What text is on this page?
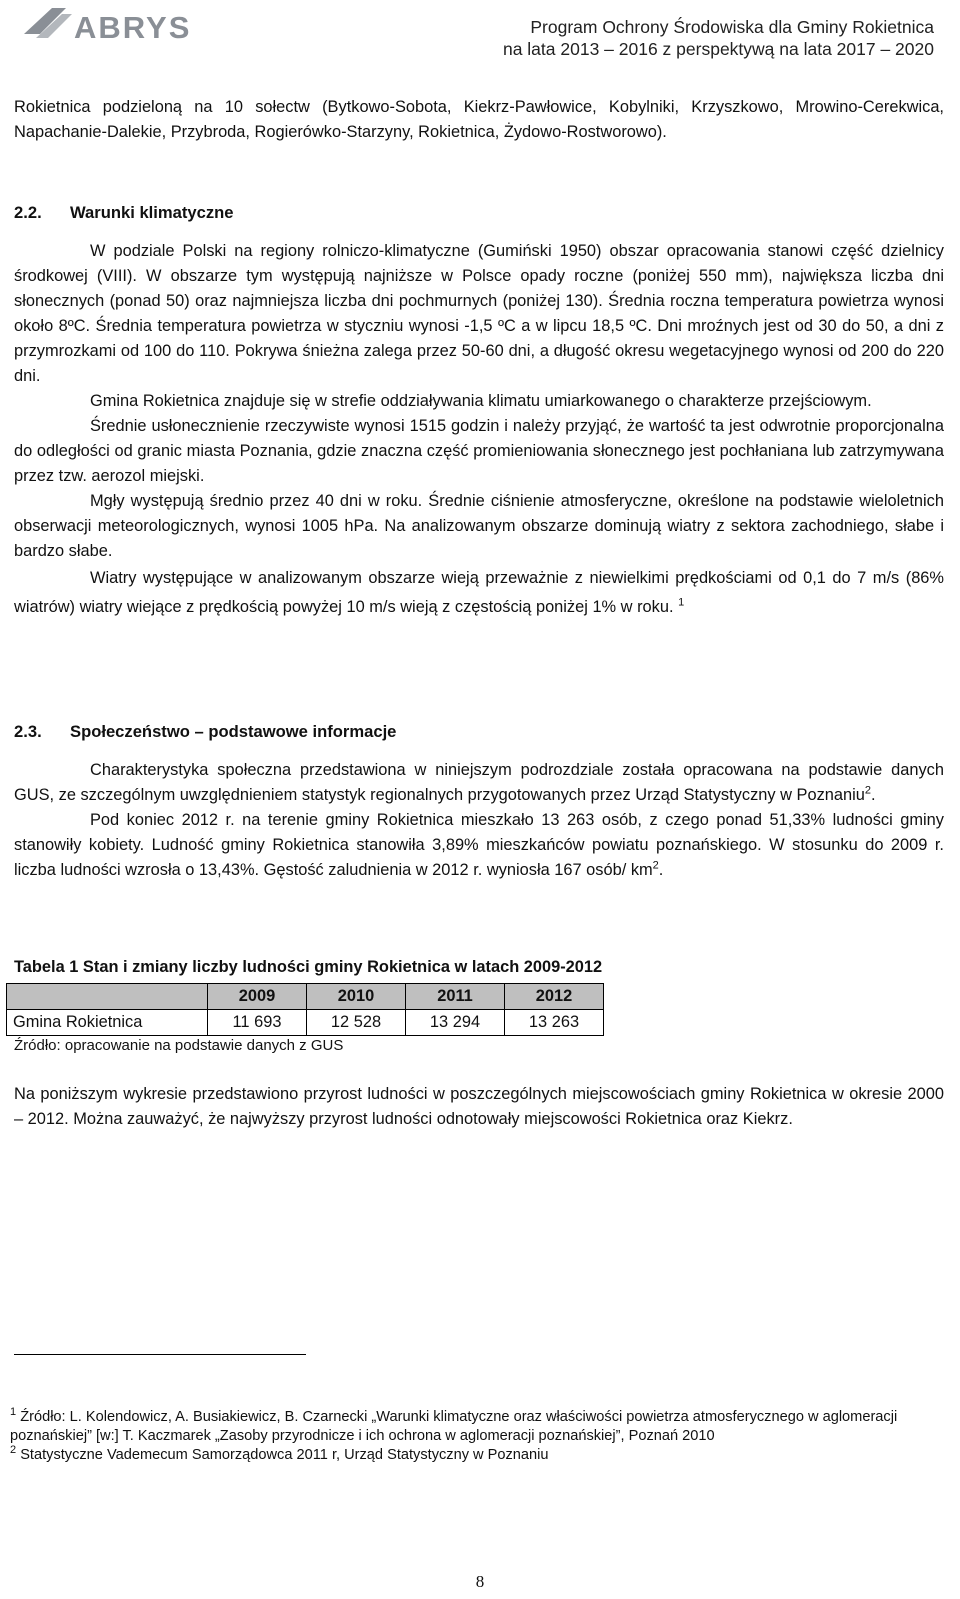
ABRYS	Program Ochrony Środowiska dla Gminy Rokietnica
na lata 2013 – 2016 z perspektywą na lata 2017 – 2020

Rokietnica podzieloną na 10 sołectw (Bytkowo-Sobota, Kiekrz-Pawłowice, Kobylniki, Krzyszkowo, Mrowino-Cerekwica, Napachanie-Dalekie, Przybroda, Rogierówko-Starzyny, Rokietnica, Żydowo-Rostworowo).

2.2. Warunki klimatyczne

W podziale Polski na regiony rolniczo-klimatyczne (Gumiński 1950) obszar opracowania stanowi część dzielnicy środkowej (VIII). W obszarze tym występują najniższe w Polsce opady roczne (poniżej 550 mm), największa liczba dni słonecznych (ponad 50) oraz najmniejsza liczba dni pochmurnych (poniżej 130). Średnia roczna temperatura powietrza wynosi około 8ºC. Średnia temperatura powietrza w styczniu wynosi -1,5 ºC a w lipcu 18,5 ºC. Dni mroźnych jest od 30 do 50, a dni z przymrozkami od 100 do 110. Pokrywa śnieżna zalega przez 50-60 dni, a długość okresu wegetacyjnego wynosi od 200 do 220 dni.

Gmina Rokietnica znajduje się w strefie oddziaływania klimatu umiarkowanego o charakterze przejściowym.

Średnie usłonecznienie rzeczywiste wynosi 1515 godzin i należy przyjąć, że wartość ta jest odwrotnie proporcjonalna do odległości od granic miasta Poznania, gdzie znaczna część promieniowania słonecznego jest pochłaniana lub zatrzymywana przez tzw. aerozol miejski.

Mgły występują średnio przez 40 dni w roku. Średnie ciśnienie atmosferyczne, określone na podstawie wieloletnich obserwacji meteorologicznych, wynosi 1005 hPa. Na analizowanym obszarze dominują wiatry z sektora zachodniego, słabe i bardzo słabe.

Wiatry występujące w analizowanym obszarze wieją przeważnie z niewielkimi prędkościami od 0,1 do 7 m/s (86% wiatrów) wiatry wiejące z prędkością powyżej 10 m/s wieją z częstością poniżej 1% w roku. $^1$

2.3. Społeczeństwo – podstawowe informacje

Charakterystyka społeczna przedstawiona w niniejszym podrozdziale została opracowana na podstawie danych GUS, ze szczególnym uwzględnieniem statystyk regionalnych przygotowanych przez Urząd Statystyczny w Poznaniu$^2$.

Pod koniec 2012 r. na terenie gminy Rokietnica mieszkało 13 263 osób, z czego ponad 51,33% ludności gminy stanowiły kobiety. Ludność gminy Rokietnica stanowiła 3,89% mieszkańców powiatu poznańskiego. W stosunku do 2009 r. liczba ludności wzrosła o 13,43%. Gęstość zaludnienia w 2012 r. wyniosła 167 osób/ $km^2$.

Tabela 1 Stan i zmiany liczby ludności gminy Rokietnica w latach 2009-2012
	2009	2010	2011	2012
Gmina Rokietnica	11 693	12 528	13 294	13 263
Źródło: opracowanie na podstawie danych z GUS

Na poniższym wykresie przedstawiono przyrost ludności w poszczególnych miejscowościach gminy Rokietnica w okresie 2000 – 2012. Można zauważyć, że najwyższy przyrost ludności odnotowały miejscowości Rokietnica oraz Kiekrz.

$^1$ Źródło: L. Kolendowicz, A. Busiakiewicz, B. Czarnecki „Warunki klimatyczne oraz właściwości powietrza atmosferycznego w aglomeracji poznańskiej” [w:] T. Kaczmarek „Zasoby przyrodnicze i ich ochrona w aglomeracji poznańskiej”, Poznań 2010

$^2$ Statystyczne Vademecum Samorządowca 2011 r, Urząd Statystyczny w Poznaniu

8
